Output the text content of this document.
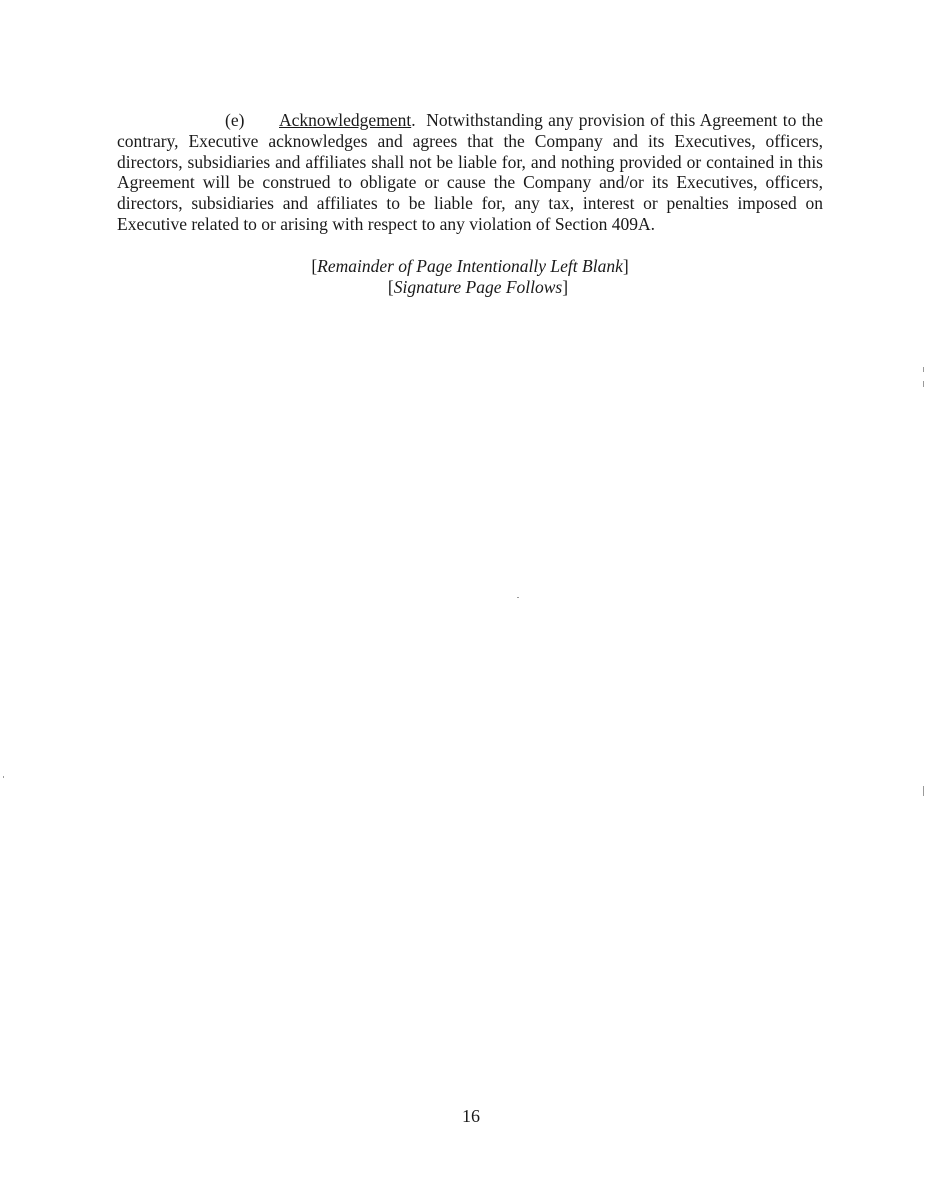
(e) Acknowledgement. Notwithstanding any provision of this Agreement to the contrary, Executive acknowledges and agrees that the Company and its Executives, officers, directors, subsidiaries and affiliates shall not be liable for, and nothing provided or contained in this Agreement will be construed to obligate or cause the Company and/or its Executives, officers, directors, subsidiaries and affiliates to be liable for, any tax, interest or penalties imposed on Executive related to or arising with respect to any violation of Section 409A.

[Remainder of Page Intentionally Left Blank]
[Signature Page Follows]
16
